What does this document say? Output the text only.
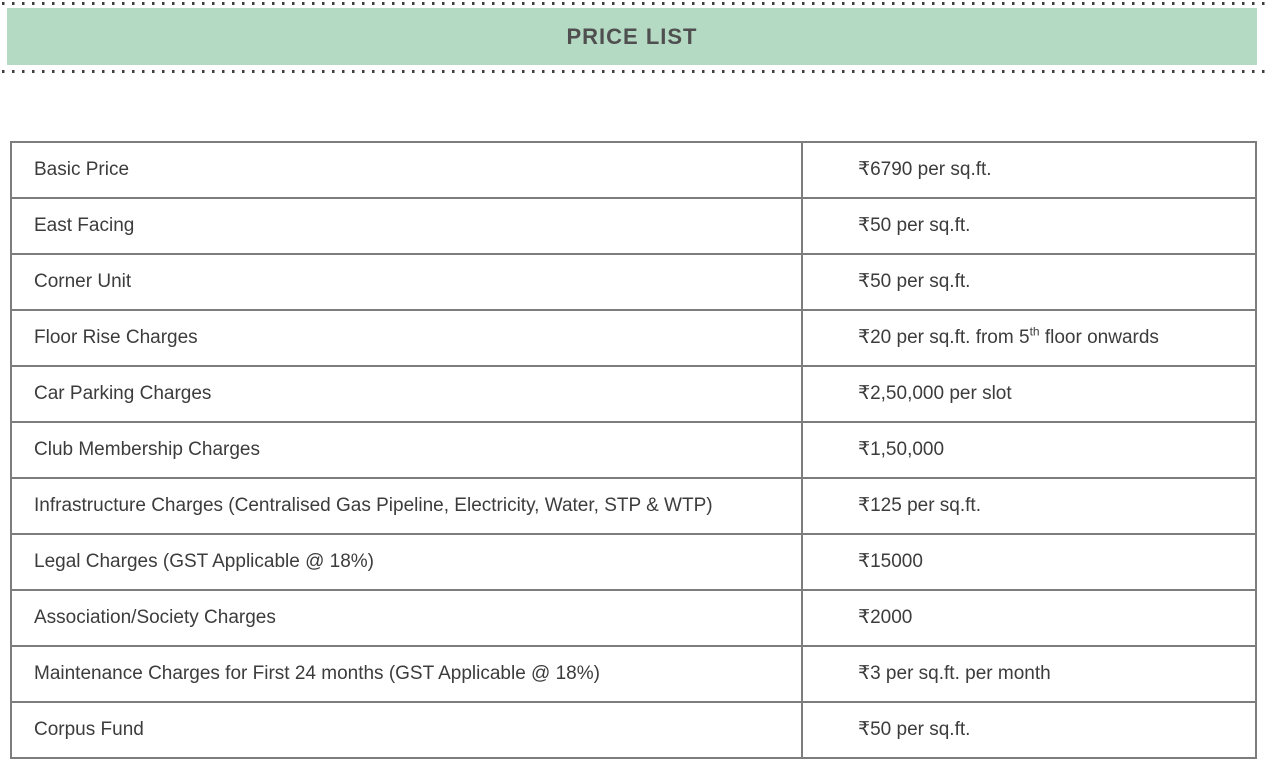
PRICE LIST
Basic Price	₹6790 per sq.ft.
East Facing	₹50 per sq.ft.
Corner Unit	₹50 per sq.ft.
Floor Rise Charges	₹20 per sq.ft. from 5th floor onwards
Car Parking Charges	₹2,50,000 per slot
Club Membership Charges	₹1,50,000
Infrastructure Charges (Centralised Gas Pipeline, Electricity, Water, STP & WTP)	₹125 per sq.ft.
Legal Charges (GST Applicable @ 18%)	₹15000
Association/Society Charges	₹2000
Maintenance Charges for First 24 months (GST Applicable @ 18%)	₹3 per sq.ft. per month
Corpus Fund	₹50 per sq.ft.
